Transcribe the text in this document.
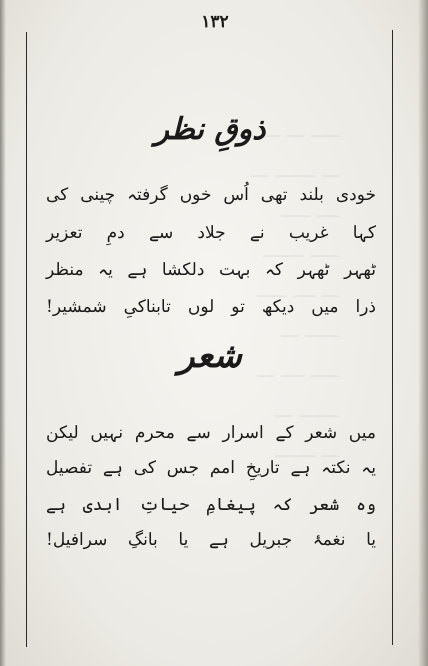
ـــــ ـــ ــــــ
ـــ ـــــــ ـــ
ــــ ـــــ
ـــــ ـــــــ
ـــ ــــ ـــــ
ــــــ ـــ
ـــــ ــــ ـــ
ـــــــ ـــ
ـــ ـــــــ
۱۳۲
ذوقِ نظر
خودی بلند تھی اُس خوں گرفتہ چینی کی
کہا غریب نے جلاد سے دمِ تعزیر
ٹھہر ٹھہر کہ بہت دلکشا ہے یہ منظر
ذرا میں دیکھ تو لوں تابناکیِ شمشیر!
شعر
میں شعر کے اسرار سے محرم نہیں لیکن
یہ نکتہ ہے تاریخِ امم جس کی ہے تفصیل
وہ شعر کہ پیغامِ حیاتِ ابدی ہے
یا نغمۂ جبریل ہے یا بانگِ سرافیل!
